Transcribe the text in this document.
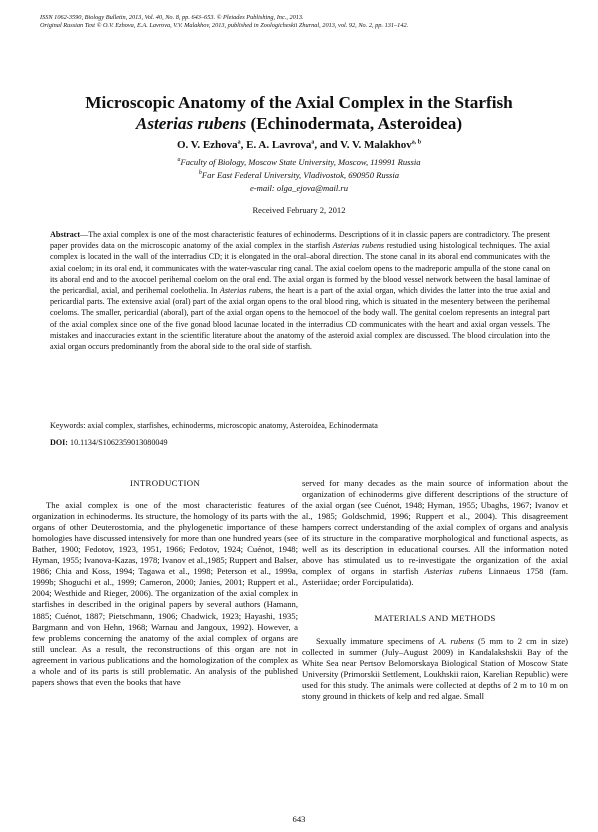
ISSN 1062-3590, Biology Bulletin, 2013, Vol. 40, No. 8, pp. 643–653. © Pleiades Publishing, Inc., 2013.
Original Russian Text © O.V. Ezhova, E.A. Lavrova, V.V. Malakhov, 2013, published in Zoologicheskii Zhurnal, 2013, vol. 92, No. 2, pp. 131–142.
Microscopic Anatomy of the Axial Complex in the Starfish
Asterias rubens (Echinodermata, Asteroidea)
O. V. Ezhova$^a$, E. A. Lavrova$^a$, and V. V. Malakhov$^{a, b}$
$^a$Faculty of Biology, Moscow State University, Moscow, 119991 Russia
$^b$Far East Federal University, Vladivostok, 690950 Russia
e-mail: olga_ejova@mail.ru
Received February 2, 2012
Abstract—The axial complex is one of the most characteristic features of echinoderms. Descriptions of it in classic papers are contradictory. The present paper provides data on the microscopic anatomy of the axial complex in the starfish Asterias rubens restudied using histological techniques. The axial complex is located in the wall of the interradius CD; it is elongated in the oral–aboral direction. The stone canal in its aboral end communicates with the axial coelom; in its oral end, it communicates with the water-vascular ring canal. The axial coelom opens to the madreporic ampulla of the stone canal on its aboral end and to the axocoel perihemal coelom on the oral end. The axial organ is formed by the blood vessel network between the basal laminae of the pericardial, axial, and perihemal coelothelia. In Asterias rubens, the heart is a part of the axial organ, which divides the latter into the true axial and pericardial parts. The extensive axial (oral) part of the axial organ opens to the oral blood ring, which is situated in the mesentery between the perihemal coeloms. The smaller, pericardial (aboral), part of the axial organ opens to the hemocoel of the body wall. The genital coelom represents an integral part of the axial complex since one of the five gonad blood lacunae located in the interradius CD communicates with the heart and axial organ vessels. The mistakes and inaccuracies extant in the scientific literature about the anatomy of the asteroid axial complex are discussed. The blood circulation into the axial organ occurs predominantly from the aboral side to the oral side of starfish.
Keywords: axial complex, starfishes, echinoderms, microscopic anatomy, Asteroidea, Echinodermata
DOI: 10.1134/S1062359013080049

INTRODUCTION

The axial complex is one of the most characteristic features of organization in echinoderms. Its structure, the homology of its parts with the organs of other Deuterostomia, and the phylogenetic importance of these homologies have discussed intensively for more than one hundred years (see Bather, 1900; Fedotov, 1923, 1951, 1966; Fedotov, 1924; Cuénot, 1948; Hyman, 1955; Ivanova-Kazas, 1978; Ivanov et al.,1985; Ruppert and Balser, 1986; Chia and Koss, 1994; Tagawa et al., 1998; Peterson et al., 1999a, 1999b; Shoguchi et al., 1999; Cameron, 2000; Janies, 2001; Ruppert et al., 2004; Westhide and Rieger, 2006). The organization of the axial complex in starfishes in described in the original papers by several authors (Hamann, 1885; Cuénot, 1887; Pietschmann, 1906; Chadwick, 1923; Hayashi, 1935; Bargmann and von Hehn, 1968; Warnau and Jangoux, 1992). However, a few problems concerning the anatomy of the axial complex of organs are still unclear. As a result, the reconstructions of this organ are not in agreement in various publications and the homologization of the complex as a whole and of its parts is still problematic. An analysis of the published papers shows that even the books that have

served for many decades as the main source of information about the organization of echinoderms give different descriptions of the structure of the axial organ (see Cuénot, 1948; Hyman, 1955; Ubaghs, 1967; Ivanov et al., 1985; Goldschmid, 1996; Ruppert et al., 2004). This disagreement hampers correct understanding of the axial complex of organs and analysis of its structure in the comparative morphological and functional aspects, as well as its description in educational courses. All the information noted above has stimulated us to re-investigate the organization of the axial complex of organs in starfish Asterias rubens Linnaeus 1758 (fam. Asteriidae; order Forcipulatida).

MATERIALS AND METHODS

Sexually immature specimens of A. rubens (5 mm to 2 cm in size) collected in summer (July–August 2009) in Kandalakshskii Bay of the White Sea near Pertsov Belomorskaya Biological Station of Moscow State University (Primorskii Settlement, Loukhskii raion, Karelian Republic) were used for this study. The animals were collected at depths of 2 m to 10 m on stony ground in thickets of kelp and red algae. Small

643
